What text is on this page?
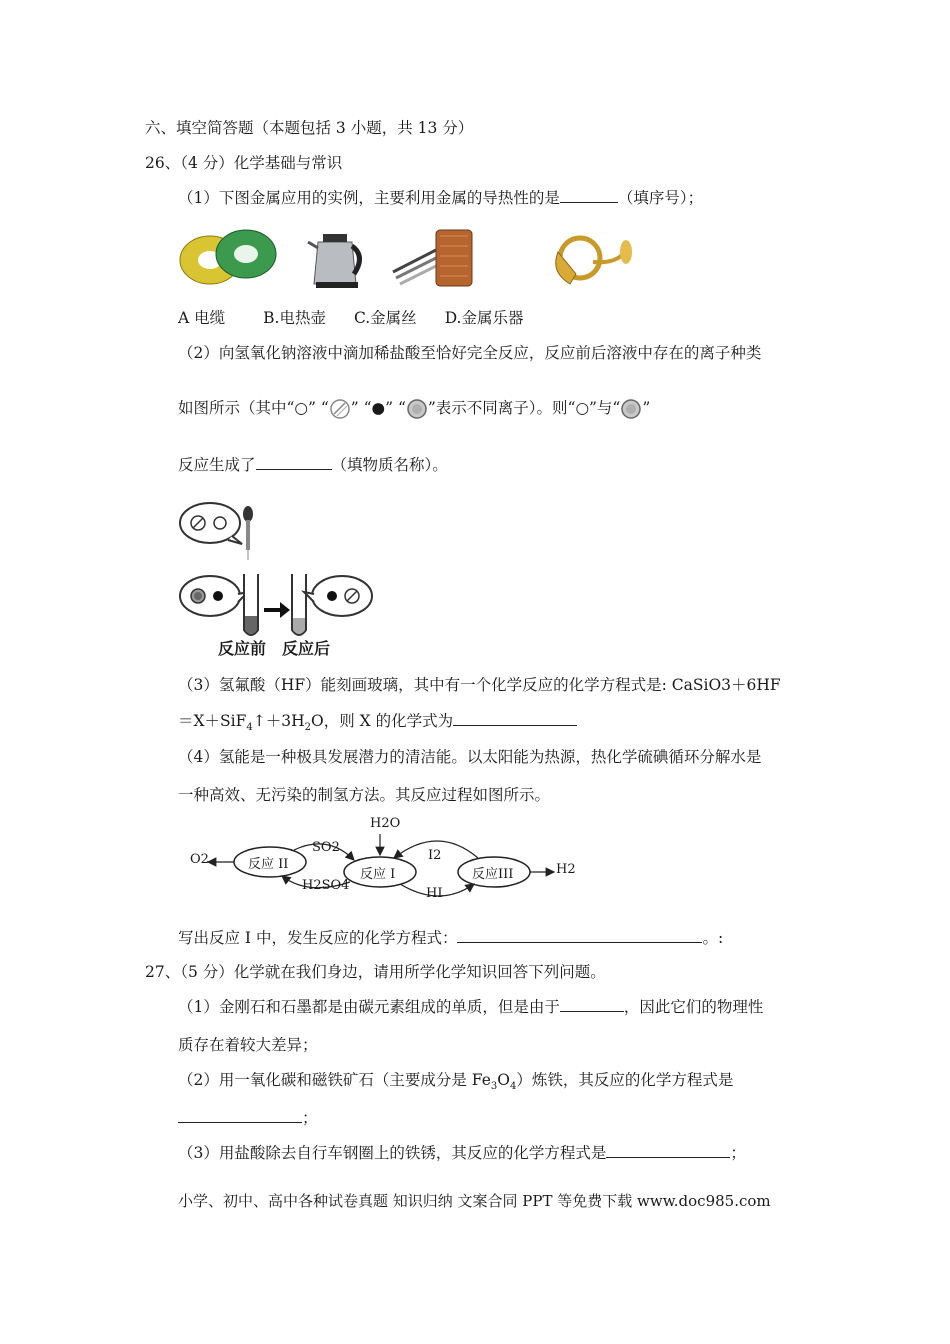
六、填空简答题（本题包括 3 小题，共 13 分）
26、（4 分）化学基础与常识
（1）下图金属应用的实例，主要利用金属的导热性的是	（填序号）；
A 电缆 B.电热壶 C.金属丝 D.金属乐器
（2）向氢氧化钠溶液中滴加稀盐酸至恰好完全反应，反应前后溶液中存在的离子种类
如图所示（其中“○” “ ” “●” “ ”表示不同离子）。则“○”与“ ”
反应生成了	（填物质名称）。
反应前 反应后
（3）氢氟酸（HF）能刻画玻璃，其中有一个化学反应的化学方程式是: CaSiO3＋6HF
$=X+SiF_4↑+3H_2O$，则 X 的化学式为
（4）氢能是一种极具发展潜力的清洁能。以太阳能为热源，热化学硫碘循环分解水是
一种高效、无污染的制氢方法。其反应过程如图所示。
H2O
O2	反应 II
反应 I	反应III
SO2
H2SO4
I2
HI
H2
写出反应 I 中，发生反应的化学方程式：	。:
27、（5 分）化学就在我们身边，请用所学化学知识回答下列问题。
（1）金刚石和石墨都是由碳元素组成的单质，但是由于	，因此它们的物理性
质存在着较大差异；
（2）用一氧化碳和磁铁矿石（主要成分是 $Fe_3O_4$）炼铁，其反应的化学方程式是
；
（3）用盐酸除去自行车钢圈上的铁锈，其反应的化学方程式是	；
小学、初中、高中各种试卷真题 知识归纳 文案合同 PPT 等免费下载 www.doc985.com
